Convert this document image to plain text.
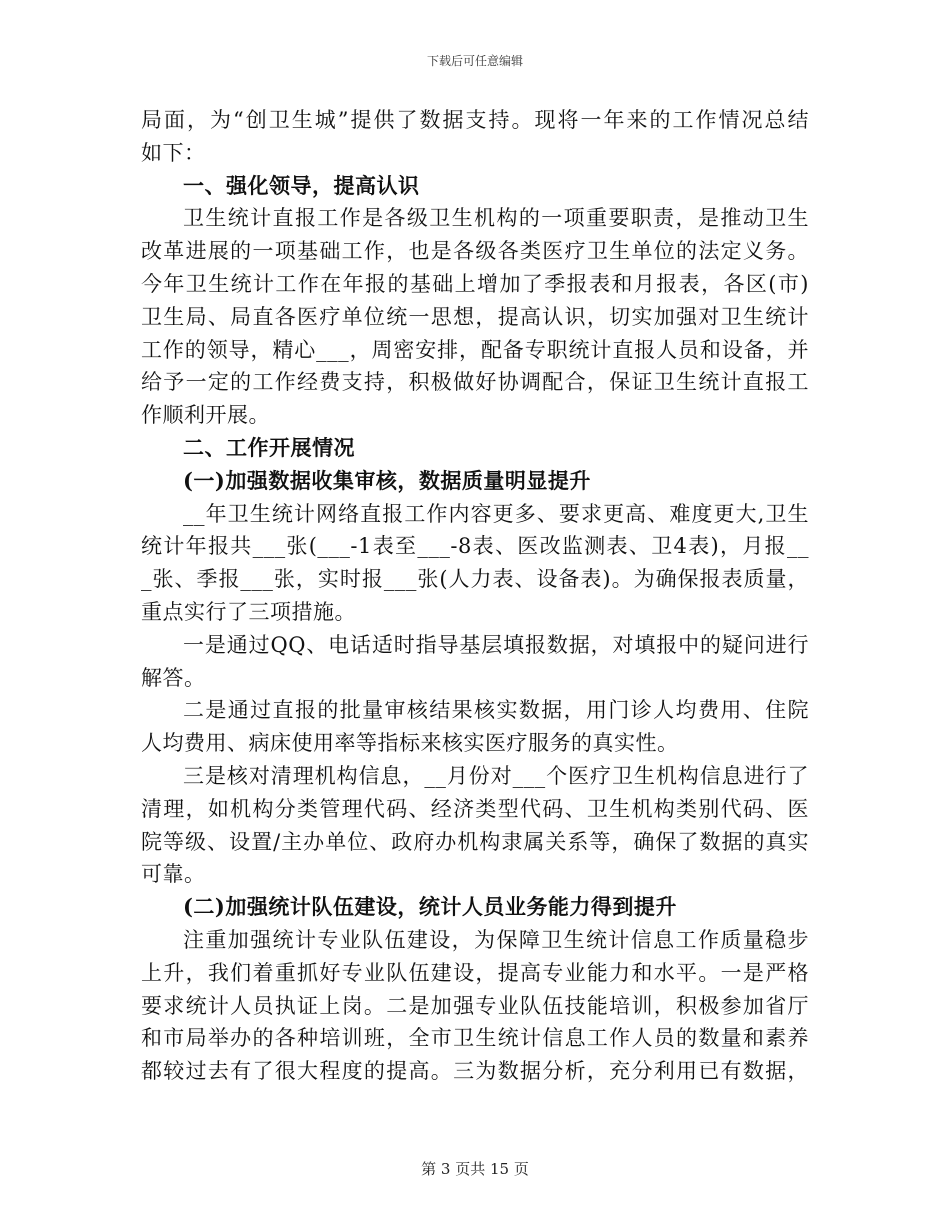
下载后可任意编辑
局面，为“创卫生城”提供了数据支持。现将一年来的工作情况总结
如下：
一、强化领导，提高认识
卫生统计直报工作是各级卫生机构的一项重要职责，是推动卫生
改革进展的一项基础工作，也是各级各类医疗卫生单位的法定义务。
今年卫生统计工作在年报的基础上增加了季报表和月报表，各区(市)
卫生局、局直各医疗单位统一思想，提高认识，切实加强对卫生统计
工作的领导，精心___，周密安排，配备专职统计直报人员和设备，并
给予一定的工作经费支持，积极做好协调配合，保证卫生统计直报工
作顺利开展。
二、工作开展情况
(一)加强数据收集审核，数据质量明显提升
__年卫生统计网络直报工作内容更多、要求更高、难度更大,卫生
统计年报共___张(___-1表至___-8表、医改监测表、卫4表)，月报__
_张、季报___张，实时报___张(人力表、设备表)。为确保报表质量，
重点实行了三项措施。
一是通过QQ、电话适时指导基层填报数据，对填报中的疑问进行
解答。
二是通过直报的批量审核结果核实数据，用门诊人均费用、住院
人均费用、病床使用率等指标来核实医疗服务的真实性。
三是核对清理机构信息，__月份对___个医疗卫生机构信息进行了
清理，如机构分类管理代码、经济类型代码、卫生机构类别代码、医
院等级、设置/主办单位、政府办机构隶属关系等，确保了数据的真实
可靠。
(二)加强统计队伍建设，统计人员业务能力得到提升
注重加强统计专业队伍建设，为保障卫生统计信息工作质量稳步
上升，我们着重抓好专业队伍建设，提高专业能力和水平。一是严格
要求统计人员执证上岗。二是加强专业队伍技能培训，积极参加省厅
和市局举办的各种培训班，全市卫生统计信息工作人员的数量和素养
都较过去有了很大程度的提高。三为数据分析，充分利用已有数据，
第 3 页共 15 页
